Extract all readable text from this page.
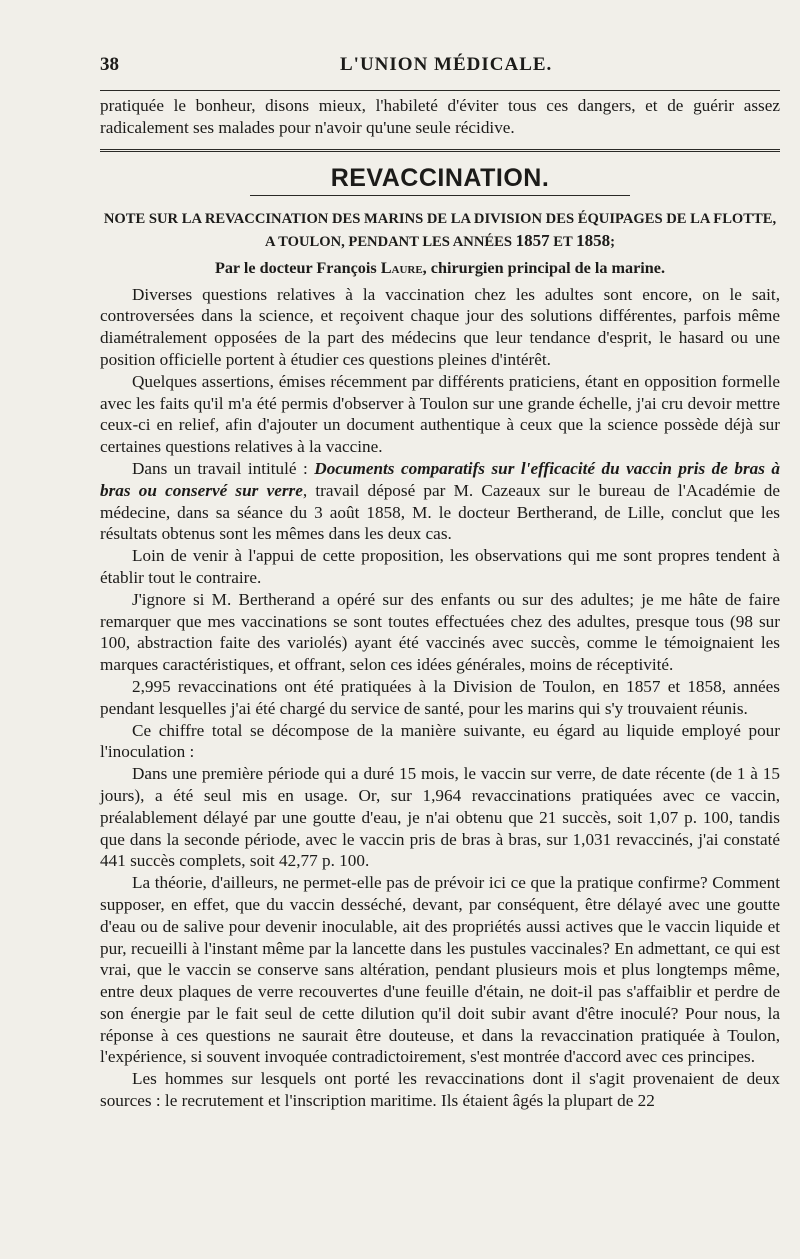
38	L'UNION MÉDICALE.

pratiquée le bonheur, disons mieux, l'habileté d'éviter tous ces dangers, et de guérir assez radicalement ses malades pour n'avoir qu'une seule récidive.

REVACCINATION.
NOTE SUR LA REVACCINATION DES MARINS DE LA DIVISION DES ÉQUIPAGES DE LA FLOTTE,
A TOULON, PENDANT LES ANNÉES 1857 ET 1858;
Par le docteur François Laure, chirurgien principal de la marine.

Diverses questions relatives à la vaccination chez les adultes sont encore, on le sait, controversées dans la science, et reçoivent chaque jour des solutions différentes, parfois même diamétralement opposées de la part des médecins que leur tendance d'esprit, le hasard ou une position officielle portent à étudier ces questions pleines d'intérêt.

Quelques assertions, émises récemment par différents praticiens, étant en opposition formelle avec les faits qu'il m'a été permis d'observer à Toulon sur une grande échelle, j'ai cru devoir mettre ceux-ci en relief, afin d'ajouter un document authentique à ceux que la science possède déjà sur certaines questions relatives à la vaccine.

Dans un travail intitulé : Documents comparatifs sur l'efficacité du vaccin pris de bras à bras ou conservé sur verre, travail déposé par M. Cazeaux sur le bureau de l'Académie de médecine, dans sa séance du 3 août 1858, M. le docteur Bertherand, de Lille, conclut que les résultats obtenus sont les mêmes dans les deux cas.

Loin de venir à l'appui de cette proposition, les observations qui me sont propres tendent à établir tout le contraire.

J'ignore si M. Bertherand a opéré sur des enfants ou sur des adultes; je me hâte de faire remarquer que mes vaccinations se sont toutes effectuées chez des adultes, presque tous (98 sur 100, abstraction faite des variolés) ayant été vaccinés avec succès, comme le témoignaient les marques caractéristiques, et offrant, selon ces idées générales, moins de réceptivité.

2,995 revaccinations ont été pratiquées à la Division de Toulon, en 1857 et 1858, années pendant lesquelles j'ai été chargé du service de santé, pour les marins qui s'y trouvaient réunis.

Ce chiffre total se décompose de la manière suivante, eu égard au liquide employé pour l'inoculation :

Dans une première période qui a duré 15 mois, le vaccin sur verre, de date récente (de 1 à 15 jours), a été seul mis en usage. Or, sur 1,964 revaccinations pratiquées avec ce vaccin, préalablement délayé par une goutte d'eau, je n'ai obtenu que 21 succès, soit 1,07 p. 100, tandis que dans la seconde période, avec le vaccin pris de bras à bras, sur 1,031 revaccinés, j'ai constaté 441 succès complets, soit 42,77 p. 100.

La théorie, d'ailleurs, ne permet-elle pas de prévoir ici ce que la pratique confirme? Comment supposer, en effet, que du vaccin desséché, devant, par conséquent, être délayé avec une goutte d'eau ou de salive pour devenir inoculable, ait des propriétés aussi actives que le vaccin liquide et pur, recueilli à l'instant même par la lancette dans les pustules vaccinales? En admettant, ce qui est vrai, que le vaccin se conserve sans altération, pendant plusieurs mois et plus longtemps même, entre deux plaques de verre recouvertes d'une feuille d'étain, ne doit-il pas s'affaiblir et perdre de son énergie par le fait seul de cette dilution qu'il doit subir avant d'être inoculé? Pour nous, la réponse à ces questions ne saurait être douteuse, et dans la revaccination pratiquée à Toulon, l'expérience, si souvent invoquée contradictoirement, s'est montrée d'accord avec ces principes.

Les hommes sur lesquels ont porté les revaccinations dont il s'agit provenaient de deux sources : le recrutement et l'inscription maritime. Ils étaient âgés la plupart de 22
